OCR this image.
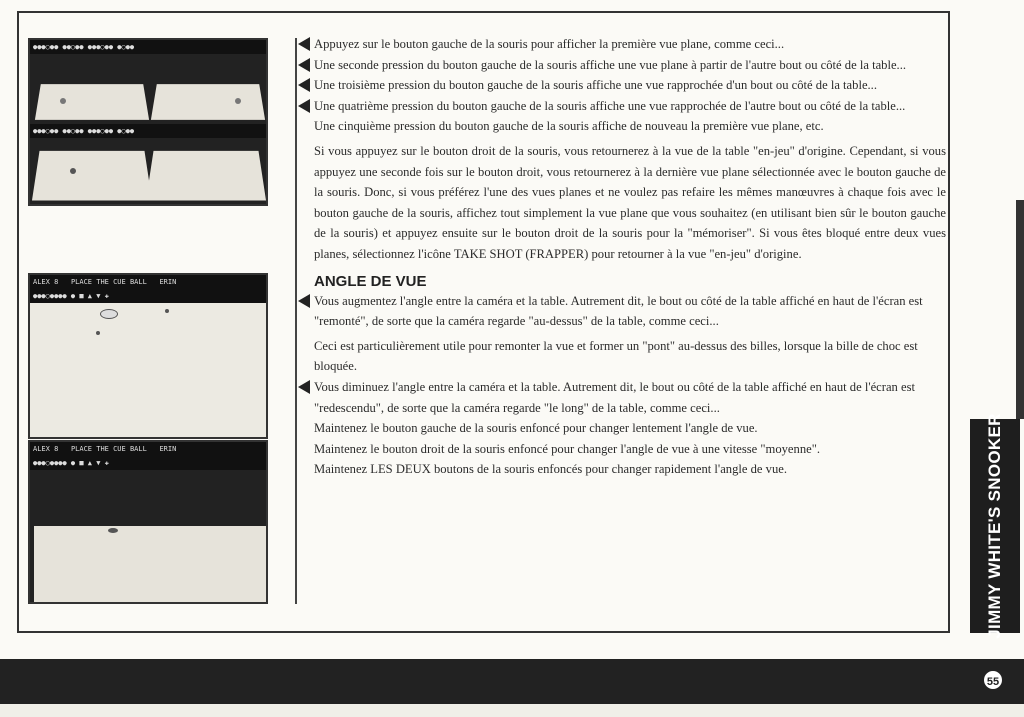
●●●○●● ●●○●● ●●●○●● ●○●●
●●●○●● ●●○●● ●●●○●● ●○●●
ALEX 8 PLACE THE CUE BALL ERIN
●●●○●●●● ● ■ ▲ ▼ ✚
ALEX 8 PLACE THE CUE BALL ERIN
●●●○●●●● ● ■ ▲ ▼ ✚

Appuyez sur le bouton gauche de la souris pour afficher la première vue plane, comme ceci...

Une seconde pression du bouton gauche de la souris affiche une vue plane à partir de l'autre bout ou côté de la table...

Une troisième pression du bouton gauche de la souris affiche une vue rapprochée d'un bout ou côté de la table...

Une quatrième pression du bouton gauche de la souris affiche une vue rapprochée de l'autre bout ou côté de la table...

Une cinquième pression du bouton gauche de la souris affiche de nouveau la première vue plane, etc.

Si vous appuyez sur le bouton droit de la souris, vous retournerez à la vue de la table "en-jeu" d'origine. Cependant, si vous appuyez une seconde fois sur le bouton droit, vous retournerez à la dernière vue plane sélectionnée avec le bouton gauche de la souris. Donc, si vous préférez l'une des vues planes et ne voulez pas refaire les mêmes manœuvres à chaque fois avec le bouton gauche de la souris, affichez tout simplement la vue plane que vous souhaitez (en utilisant bien sûr le bouton gauche de la souris) et appuyez ensuite sur le bouton droit de la souris pour la "mémoriser". Si vous êtes bloqué entre deux vues planes, sélectionnez l'icône TAKE SHOT (FRAPPER) pour retourner à la vue "en-jeu" d'origine.

ANGLE DE VUE

Vous augmentez l'angle entre la caméra et la table. Autrement dit, le bout ou côté de la table affiché en haut de l'écran est "remonté", de sorte que la caméra regarde "au-dessus" de la table, comme ceci...

Ceci est particulièrement utile pour remonter la vue et former un "pont" au-dessus des billes, lorsque la bille de choc est bloquée.

Vous diminuez l'angle entre la caméra et la table. Autrement dit, le bout ou côté de la table affiché en haut de l'écran est "redescendu", de sorte que la caméra regarde "le long" de la table, comme ceci...

Maintenez le bouton gauche de la souris enfoncé pour changer lentement l'angle de vue.

Maintenez le bouton droit de la souris enfoncé pour changer l'angle de vue à une vitesse "moyenne".

Maintenez LES DEUX boutons de la souris enfoncés pour changer rapidement l'angle de vue.	JIMMY WHITE'S SNOOKER
55
